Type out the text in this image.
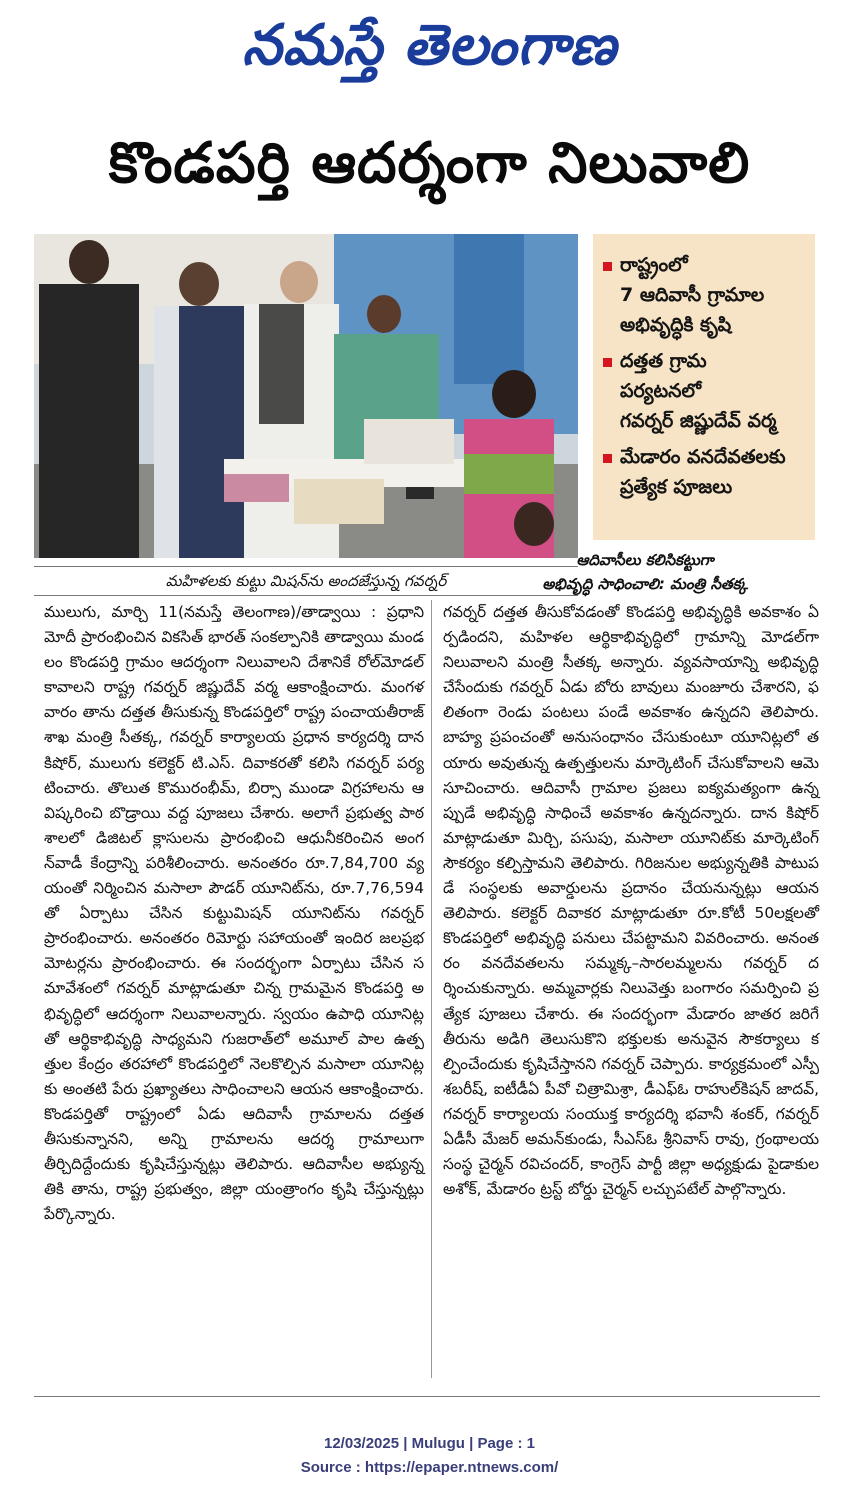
నమస్తే తెలంగాణ
కొండపర్తి ఆదర్శంగా నిలువాలి
రాష్ట్రంలో
7 ఆదివాసీ గ్రామాల
అభివృద్ధికి కృషి
దత్తత గ్రామ
పర్యటనలో
గవర్నర్ జిష్ణుదేవ్ వర్మ
మేడారం వనదేవతలకు
ప్రత్యేక పూజలు
ఆదివాసీలు కలిసికట్టుగా
అభివృద్ధి సాధించాలి: మంత్రి సీతక్క
మహిళలకు కుట్టు మిషన్‌ను అందజేస్తున్న గవర్నర్
ములుగు, మార్చి 11(నమస్తే తెలంగాణ)/తాడ్వాయి : ప్రధాని మోదీ ప్రారంభించిన వికసిత్ భారత్ సంకల్పానికి తాడ్వాయి మండలం కొండపర్తి గ్రామం ఆదర్శంగా నిలువాలని దేశానికే రోల్‌మోడల్ కావాలని రాష్ట్ర గవర్నర్ జిష్ణుదేవ్ వర్మ ఆకాంక్షించారు. మంగళవారం తాను దత్తత తీసుకున్న కొండపర్తిలో రాష్ట్ర పంచాయతీరాజ్ శాఖ మంత్రి సీతక్క, గవర్నర్ కార్యాలయ ప్రధాన కార్యదర్శి దాన కిషోర్, ములుగు కలెక్టర్ టి.ఎస్. దివాకరతో కలిసి గవర్నర్ పర్యటించారు. తొలుత కొమురంభీమ్, బిర్సా ముండా విగ్రహాలను ఆవిష్కరించి బొడ్రాయి వద్ద పూజలు చేశారు. అలాగే ప్రభుత్వ పాఠశాలలో డిజిటల్ క్లాసులను ప్రారంభించి ఆధునీకరించిన అంగన్‌వాడీ కేంద్రాన్ని పరిశీలించారు. అనంతరం రూ.7,84,700 వ్యయంతో నిర్మించిన మసాలా పౌడర్ యూనిట్‌ను, రూ.7,76,594 తో ఏర్పాటు చేసిన కుట్టుమిషన్ యూనిట్‌ను గవర్నర్ ప్రారంభించారు. అనంతరం రిమోర్టు సహాయంతో ఇందిర జలప్రభ మోటర్లను ప్రారంభించారు. ఈ సందర్భంగా ఏర్పాటు చేసిన సమావేశంలో గవర్నర్ మాట్లాడుతూ చిన్న గ్రామమైన కొండపర్తి అభివృద్ధిలో ఆదర్శంగా నిలువాలన్నారు. స్వయం ఉపాధి యూనిట్లతో ఆర్థికాభివృద్ధి సాధ్యమని గుజరాత్‌లో అమూల్ పాల ఉత్పత్తుల కేంద్రం తరహాలో కొండపర్తిలో నెలకొల్పిన మసాలా యూనిట్లకు అంతటి పేరు ప్రఖ్యాతలు సాధించాలని ఆయన ఆకాంక్షించారు. కొండపర్తితో రాష్ట్రంలో ఏడు ఆదివాసీ గ్రామాలను దత్తత తీసుకున్నానని, అన్ని గ్రామాలను ఆదర్శ గ్రామాలుగా తీర్చిదిద్దేందుకు కృషిచేస్తున్నట్లు తెలిపారు. ఆదివాసీల అభ్యున్నతికి తాను, రాష్ట్ర ప్రభుత్వం, జిల్లా యంత్రాంగం కృషి చేస్తున్నట్లు పేర్కొన్నారు.
గవర్నర్ దత్తత తీసుకోవడంతో కొండపర్తి అభివృద్ధికి అవకాశం ఏర్పడిందని, మహిళల ఆర్థికాభివృద్ధిలో గ్రామాన్ని మోడల్‌గా నిలువాలని మంత్రి సీతక్క అన్నారు. వ్యవసాయాన్ని అభివృద్ధి చేసేందుకు గవర్నర్ ఏడు బోరు బావులు మంజూరు చేశారని, ఫలితంగా రెండు పంటలు పండే అవకాశం ఉన్నదని తెలిపారు. బాహ్య ప్రపంచంతో అనుసంధానం చేసుకుంటూ యూనిట్లలో తయారు అవుతున్న ఉత్పత్తులను మార్కెటింగ్ చేసుకోవాలని ఆమె సూచించారు. ఆదివాసీ గ్రామాల ప్రజలు ఐక్యమత్యంగా ఉన్నప్పుడే అభివృద్ధి సాధించే అవకాశం ఉన్నదన్నారు. దాన కిషోర్ మాట్లాడుతూ మిర్చి, పసుపు, మసాలా యూనిట్‌కు మార్కెటింగ్ సౌకర్యం కల్పిస్తామని తెలిపారు. గిరిజనుల అభ్యున్నతికి పాటుపడే సంస్థలకు అవార్డులను ప్రదానం చేయనున్నట్లు ఆయన తెలిపారు. కలెక్టర్ దివాకర మాట్లాడుతూ రూ.కోటీ 50లక్షలతో కొండపర్తిలో అభివృద్ధి పనులు చేపట్టామని వివరించారు. అనంతరం వనదేవతలను సమ్మక్క–సారలమ్మలను గవర్నర్ దర్శించుకున్నారు. అమ్మవార్లకు నిలువెత్తు బంగారం సమర్పించి ప్రత్యేక పూజలు చేశారు. ఈ సందర్భంగా మేడారం జాతర జరిగే తీరును అడిగి తెలుసుకొని భక్తులకు అనువైన సౌకర్యాలు కల్పించేందుకు కృషిచేస్తానని గవర్నర్ చెప్పారు. కార్యక్రమంలో ఎస్పీ శబరీష్, ఐటీడీఏ పీవో చిత్రామిశ్రా, డీఎఫ్‌ఓ రాహుల్‌కిషన్ జాదవ్, గవర్నర్ కార్యాలయ సంయుక్త కార్యదర్శి భవానీ శంకర్, గవర్నర్ ఏడీసీ మేజర్ అమన్‌కుండు, సీఎస్‌ఓ శ్రీనివాస్ రావు, గ్రంథాలయ సంస్థ చైర్మన్ రవిచందర్, కాంగ్రెస్ పార్టీ జిల్లా అధ్యక్షుడు పైడాకుల అశోక్, మేడారం ట్రస్ట్ బోర్డు చైర్మన్ లచ్చుపటేల్ పాల్గొన్నారు.
12/03/2025 | Mulugu | Page : 1
Source : https://epaper.ntnews.com/
